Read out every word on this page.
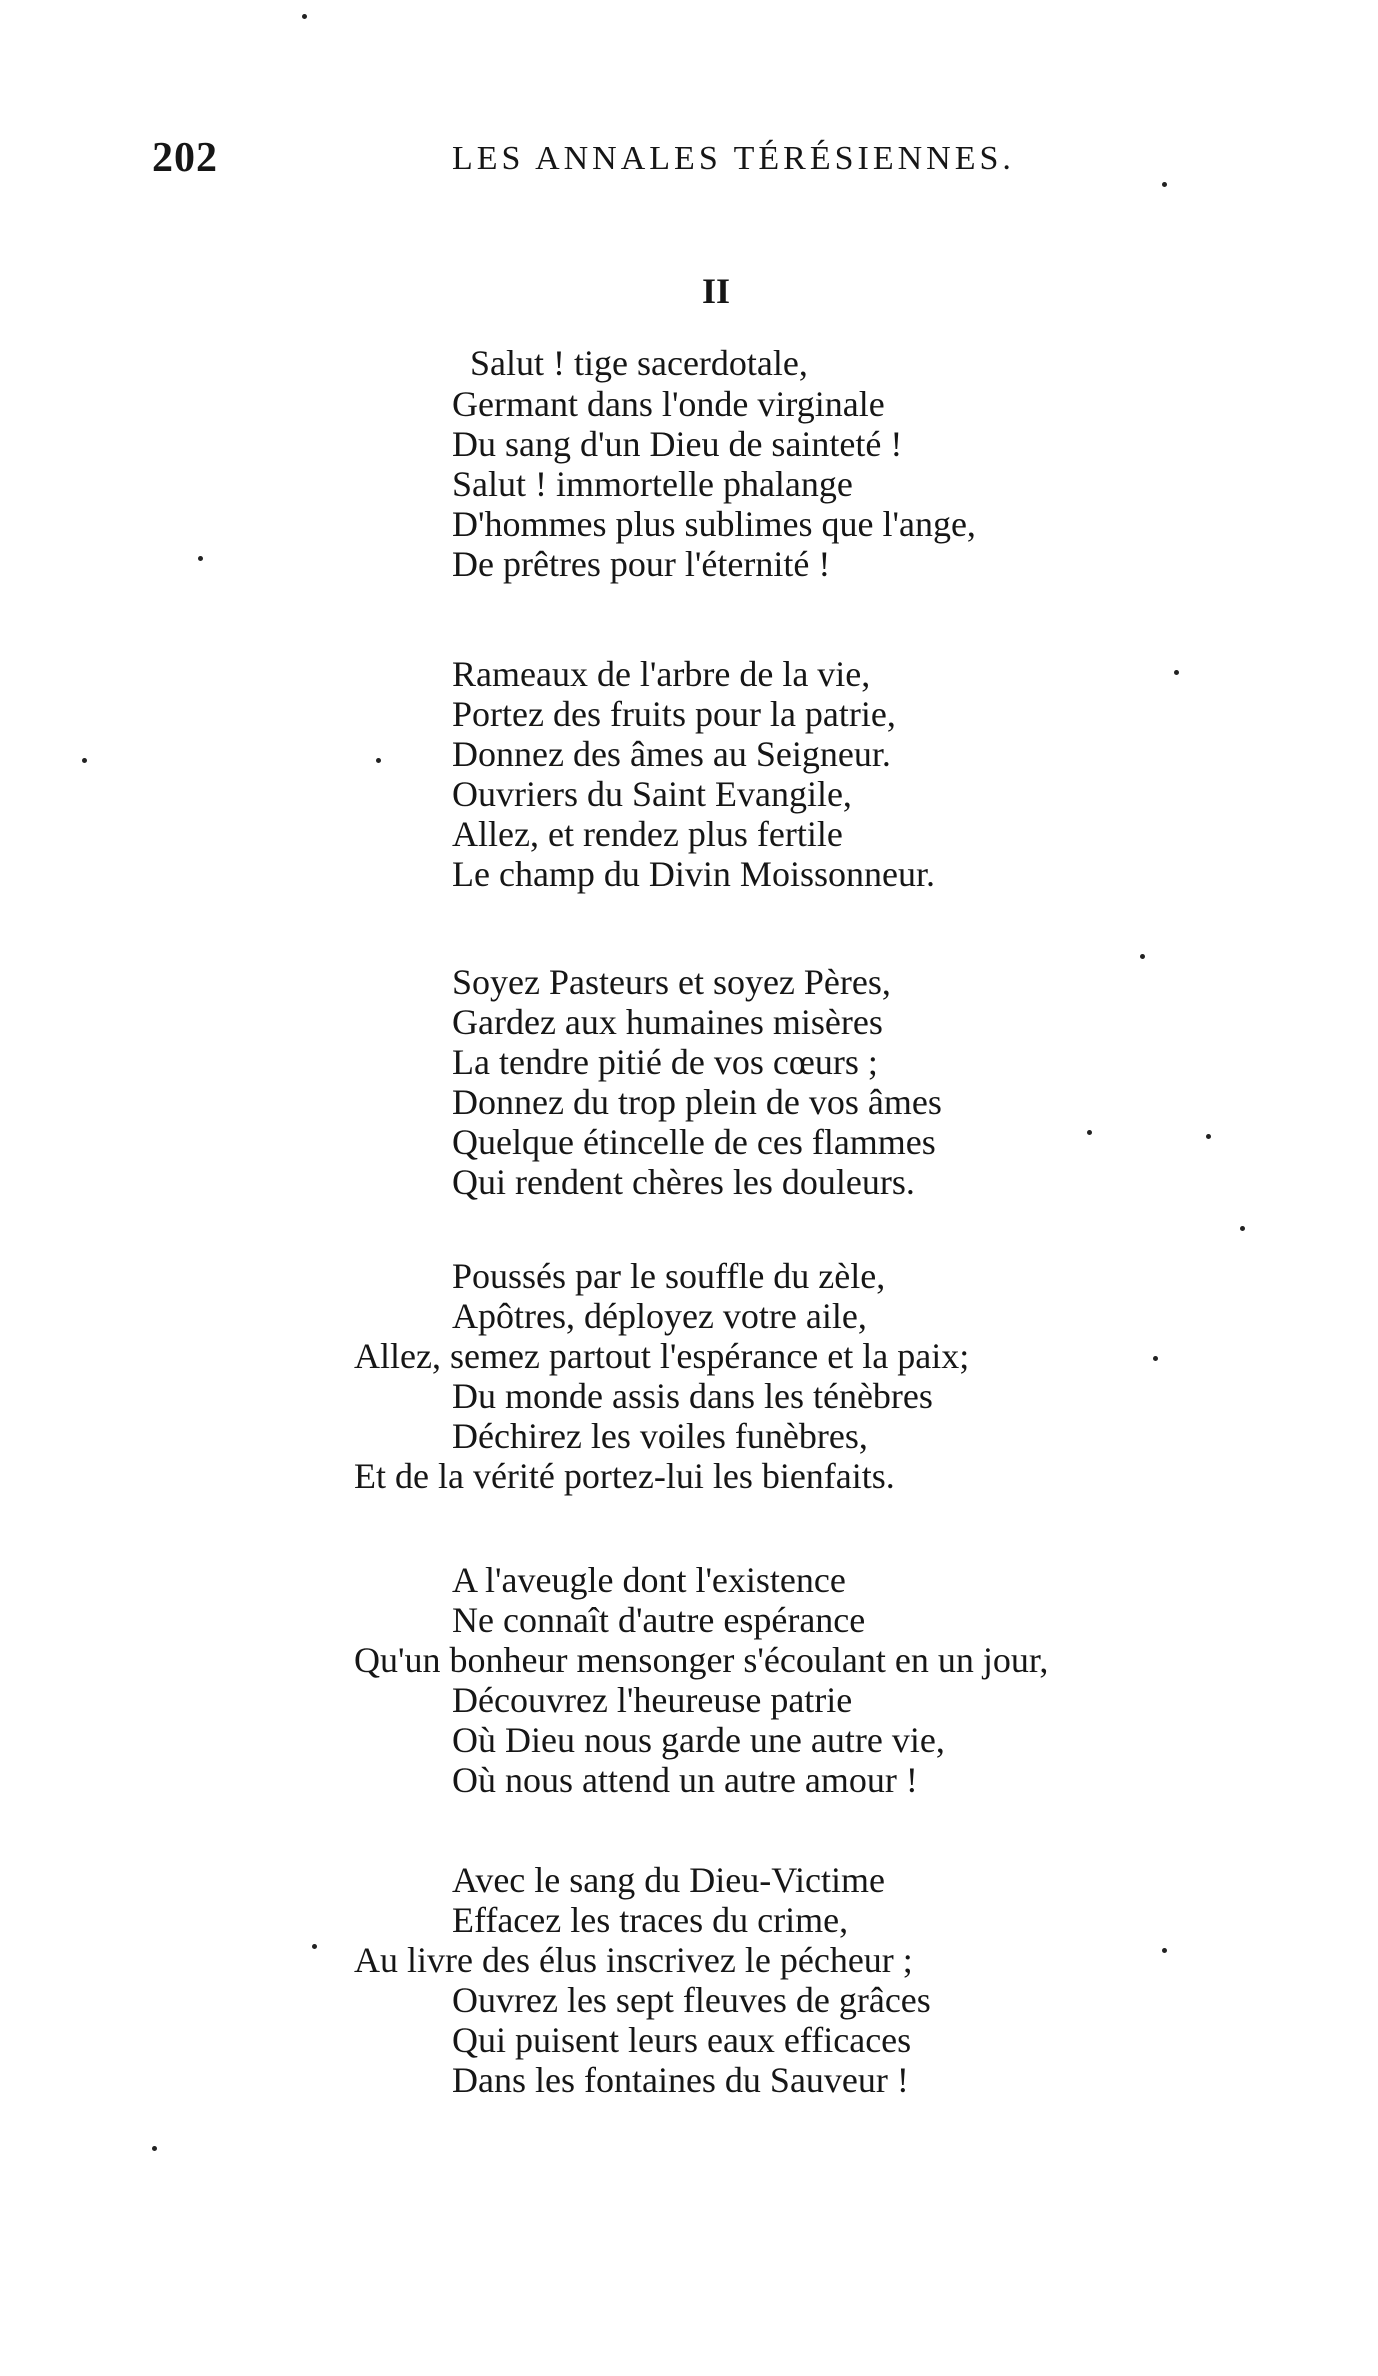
202	LES ANNALES TÉRÉSIENNES.
II
Salut ! tige sacerdotale,
Germant dans l'onde virginale
Du sang d'un Dieu de sainteté !
Salut ! immortelle phalange
D'hommes plus sublimes que l'ange,
De prêtres pour l'éternité !
Rameaux de l'arbre de la vie,
Portez des fruits pour la patrie,
Donnez des âmes au Seigneur.
Ouvriers du Saint Evangile,
Allez, et rendez plus fertile
Le champ du Divin Moissonneur.
Soyez Pasteurs et soyez Pères,
Gardez aux humaines misères
La tendre pitié de vos cœurs ;
Donnez du trop plein de vos âmes
Quelque étincelle de ces flammes
Qui rendent chères les douleurs.
Poussés par le souffle du zèle,
Apôtres, déployez votre aile,
Allez, semez partout l'espérance et la paix;
Du monde assis dans les ténèbres
Déchirez les voiles funèbres,
Et de la vérité portez-lui les bienfaits.
A l'aveugle dont l'existence
Ne connaît d'autre espérance
Qu'un bonheur mensonger s'écoulant en un jour,
Découvrez l'heureuse patrie
Où Dieu nous garde une autre vie,
Où nous attend un autre amour !
Avec le sang du Dieu-Victime
Effacez les traces du crime,
Au livre des élus inscrivez le pécheur ;
Ouvrez les sept fleuves de grâces
Qui puisent leurs eaux efficaces
Dans les fontaines du Sauveur !
